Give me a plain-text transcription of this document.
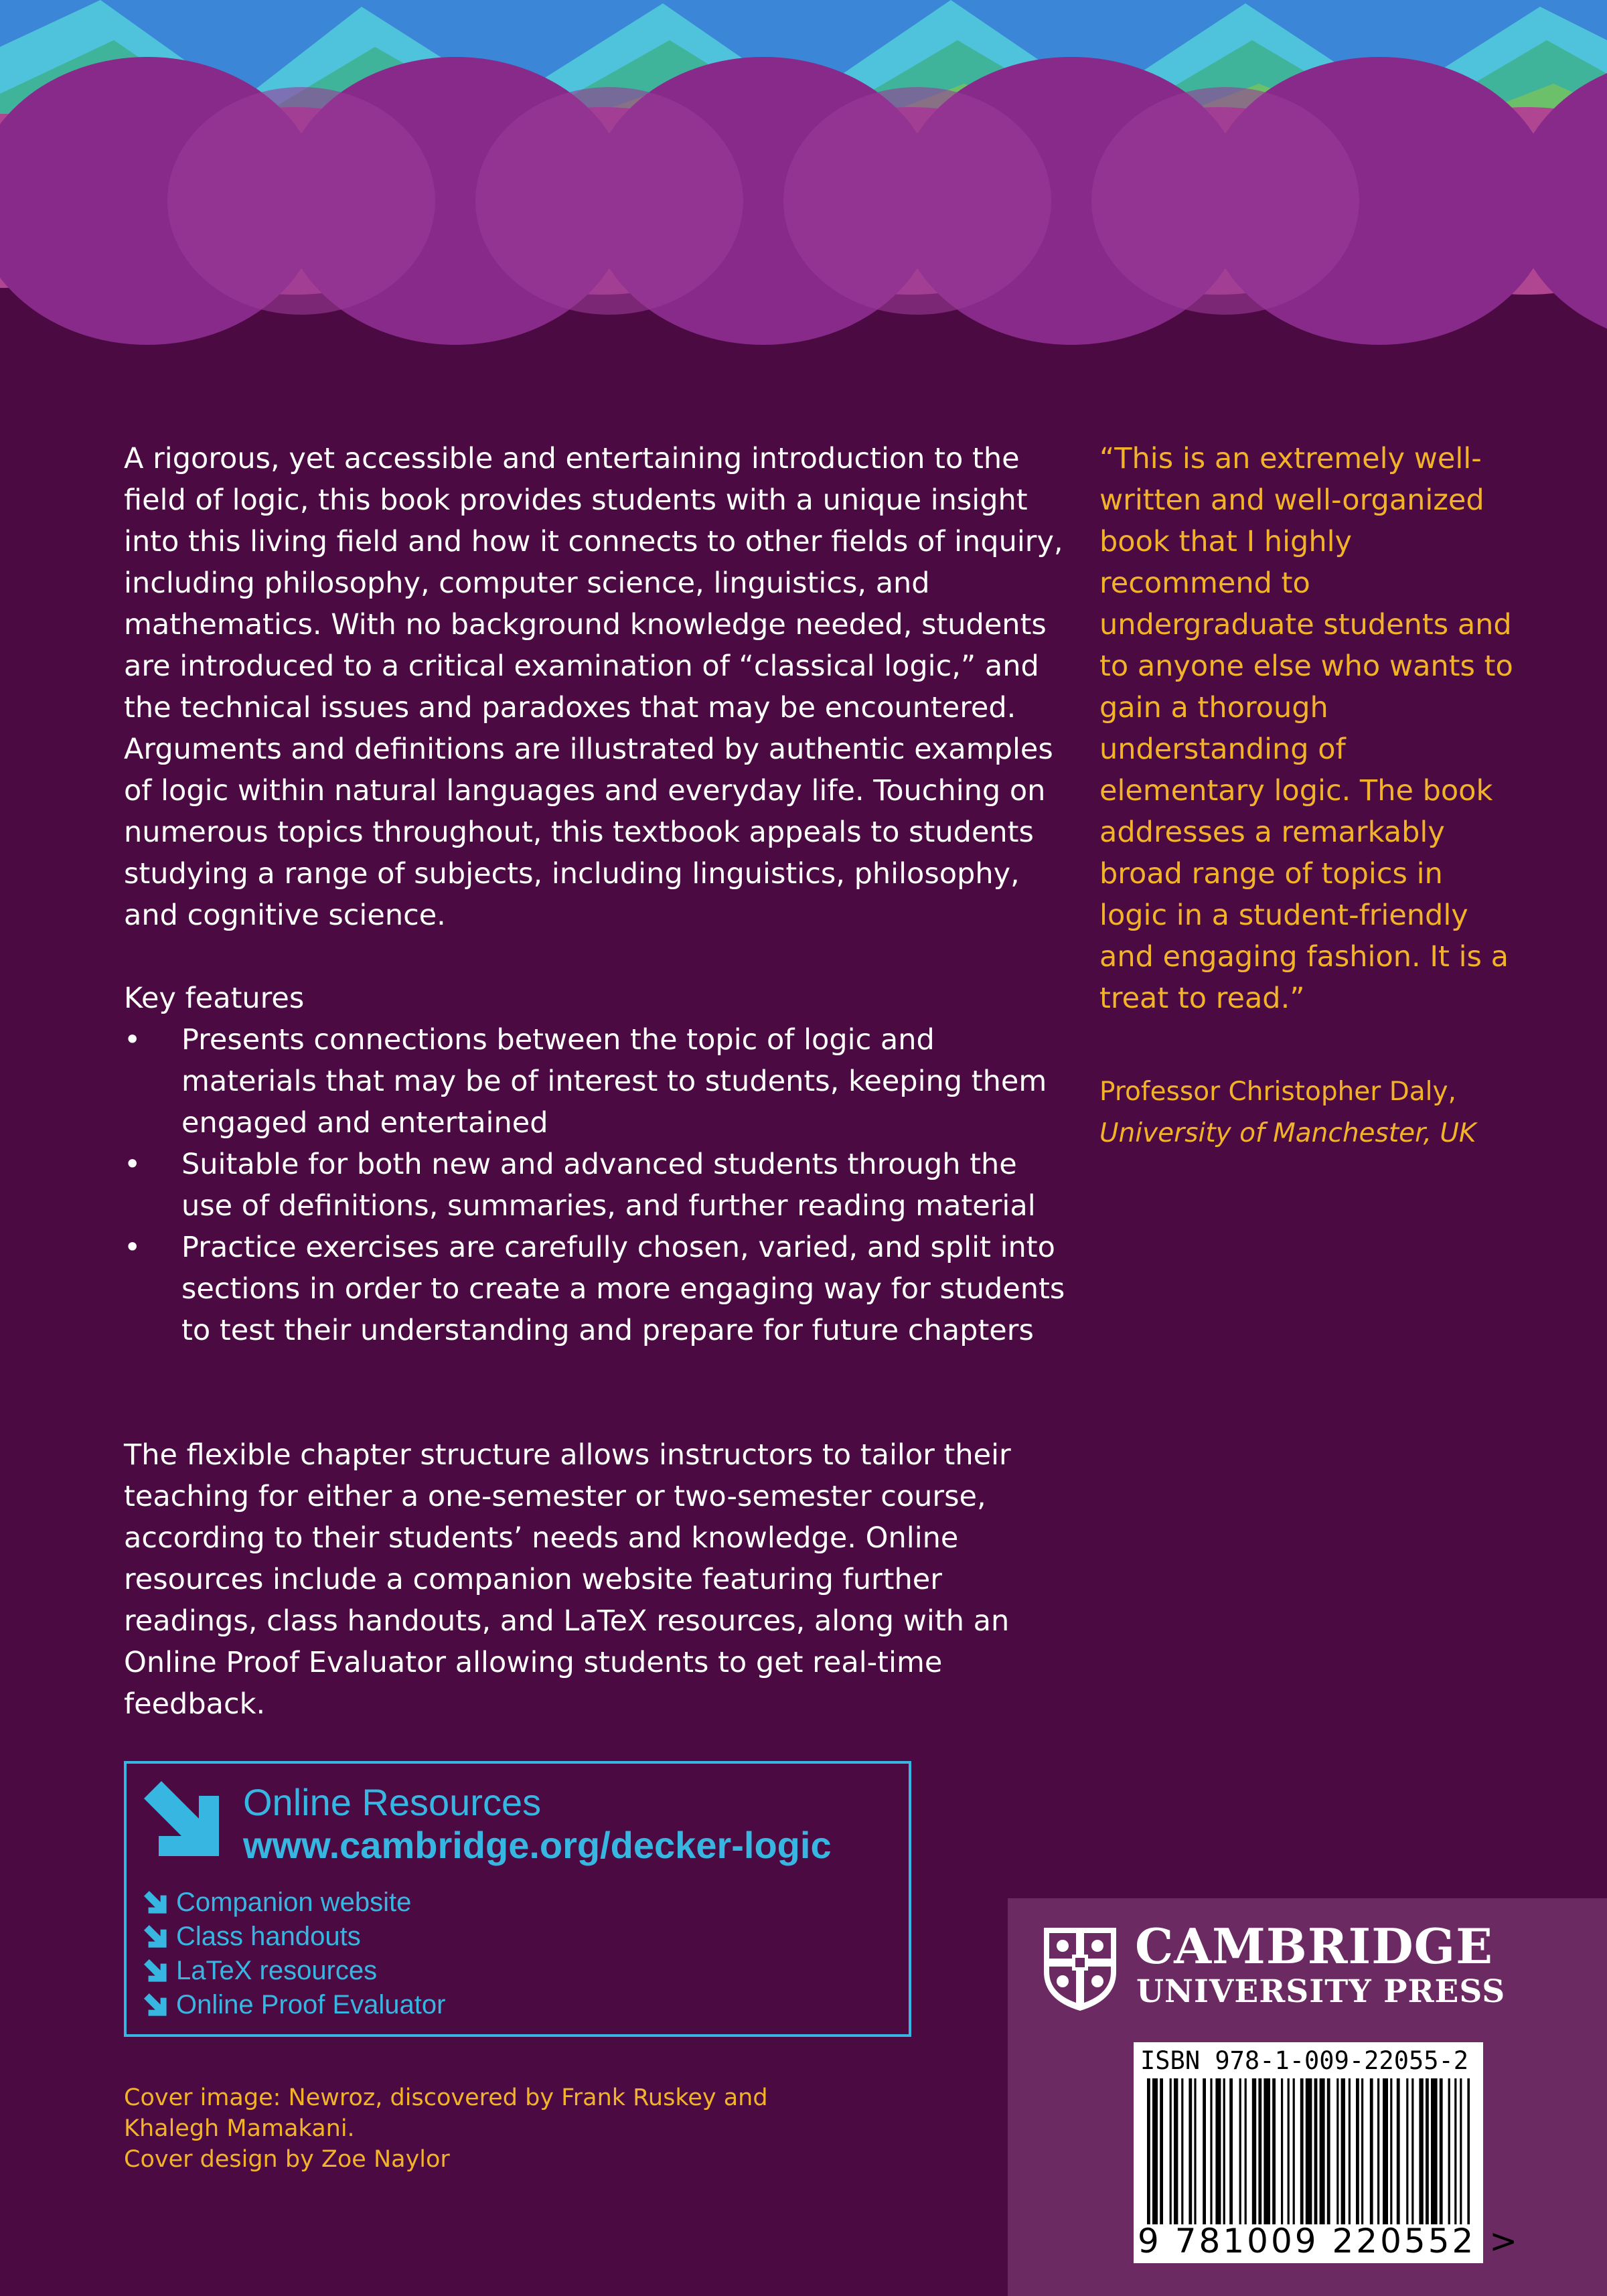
A rigorous, yet accessible and entertaining introduction to the field of logic, this book provides students with a unique insight into this living field and how it connects to other fields of inquiry, including philosophy, computer science, linguistics, and mathematics. With no background knowledge needed, students are introduced to a critical examination of “classical logic,” and the technical issues and paradoxes that may be encountered. Arguments and definitions are illustrated by authentic examples of logic within natural languages and everyday life. Touching on numerous topics throughout, this textbook appeals to students studying a range of subjects, including linguistics, philosophy, and cognitive science.

Key features

• Presents connections between the topic of logic and materials that may be of interest to students, keeping them engaged and entertained
• Suitable for both new and advanced students through the use of definitions, summaries, and further reading material
• Practice exercises are carefully chosen, varied, and split into sections in order to create a more engaging way for students to test their understanding and prepare for future chapters

The flexible chapter structure allows instructors to tailor their teaching for either a one-semester or two-semester course, according to their students’ needs and knowledge. Online resources include a companion website featuring further readings, class handouts, and LaTeX resources, along with an Online Proof Evaluator allowing students to get real-time feedback.

“This is an extremely well-written and well-organized book that I highly recommend to undergraduate students and to anyone else who wants to gain a thorough understanding of elementary logic. The book addresses a remarkably broad range of topics in logic in a student-friendly and engaging fashion. It is a treat to read.”

Professor Christopher Daly,
University of Manchester, UK
Online Resources
www.cambridge.org/decker-logic
Companion website
Class handouts
LaTeX resources
Online Proof Evaluator
Cover image: Newroz, discovered by Frank Ruskey and
Khalegh Mamakani.
Cover design by Zoe Naylor
CAMBRIDGE
UNIVERSITY PRESS
ISBN 978-1-009-22055-2
9 781009 220552 >
